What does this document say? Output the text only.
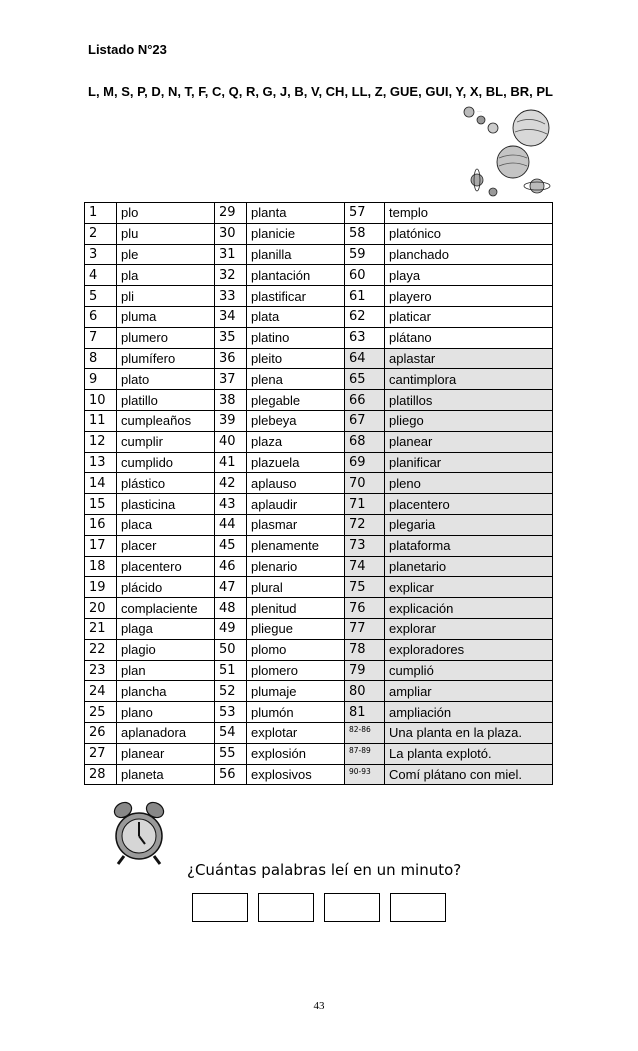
Listado N°23
L, M, S, P, D, N, T, F, C, Q, R, G, J, B, V, CH, LL, Z, GUE, GUI, Y, X, BL, BR, PL
·····
1	plo	29	planta	57	templo
2	plu	30	planicie	58	platónico
3	ple	31	planilla	59	planchado
4	pla	32	plantación	60	playa
5	pli	33	plastificar	61	playero
6	pluma	34	plata	62	platicar
7	plumero	35	platino	63	plátano
8	plumífero	36	pleito	64	aplastar
9	plato	37	plena	65	cantimplora
10	platillo	38	plegable	66	platillos
11	cumpleaños	39	plebeya	67	pliego
12	cumplir	40	plaza	68	planear
13	cumplido	41	plazuela	69	planificar
14	plástico	42	aplauso	70	pleno
15	plasticina	43	aplaudir	71	placentero
16	placa	44	plasmar	72	plegaria
17	placer	45	plenamente	73	plataforma
18	placentero	46	plenario	74	planetario
19	plácido	47	plural	75	explicar
20	complaciente	48	plenitud	76	explicación
21	plaga	49	pliegue	77	explorar
22	plagio	50	plomo	78	exploradores
23	plan	51	plomero	79	cumplió
24	plancha	52	plumaje	80	ampliar
25	plano	53	plumón	81	ampliación
26	aplanadora	54	explotar	82-86	Una planta en la plaza.
27	planear	55	explosión	87-89	La planta explotó.
28	planeta	56	explosivos	90-93	Comí plátano con miel.
¿Cuántas palabras leí en un minuto?
43
